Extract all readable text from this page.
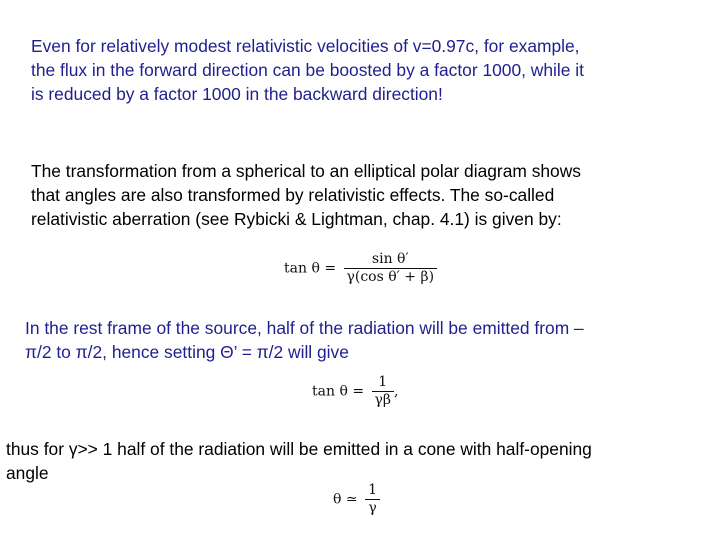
Even for relatively modest relativistic velocities of v=0.97c, for example,
the flux in the forward direction can be boosted by a factor 1000, while it
is reduced by a factor 1000 in the backward direction!
The transformation from a spherical to an elliptical polar diagram shows
that angles are also transformed by relativistic effects. The so-called
relativistic aberration (see Rybicki & Lightman, chap. 4.1) is given by:
$\tan \theta = \frac{\text{sin θ′}}{\text{γ(cos θ′ + β)}}$
In the rest frame of the source, half of the radiation will be emitted from –
π/2 to π/2, hence setting Θ’ = π/2 will give
$\tan \theta = \frac{1}{\gamma\beta}$ ,
thus for γ>> 1 half of the radiation will be emitted in a cone with half-opening
angle
θ ≃ $\frac{1}{\gamma}$
